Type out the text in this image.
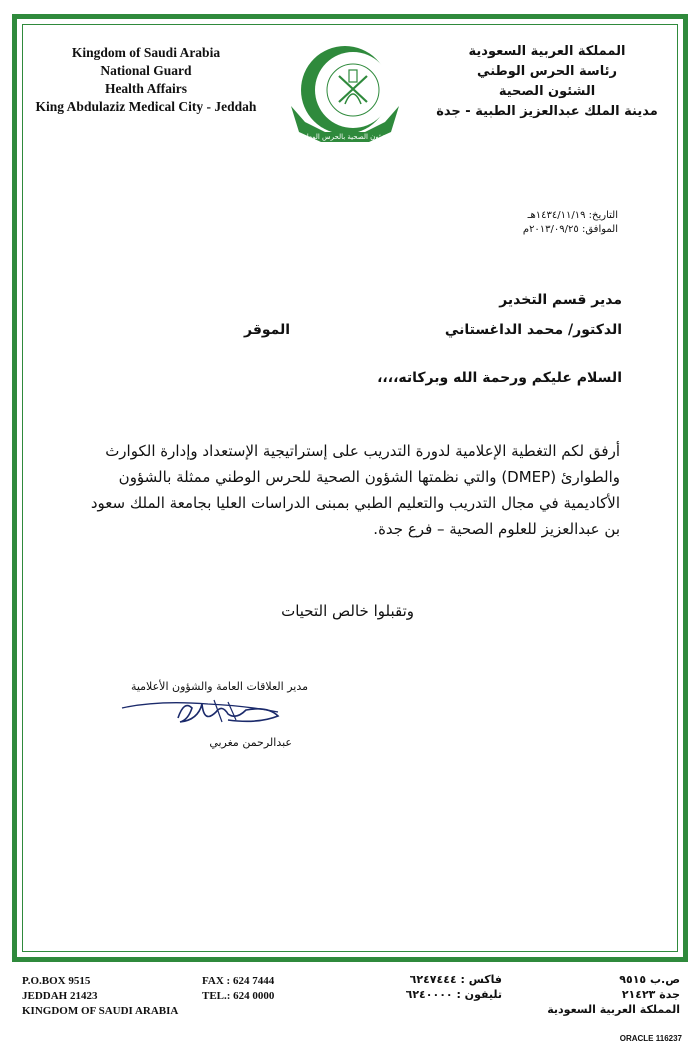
Kingdom of Saudi Arabia
National Guard
Health Affairs
King Abdulaziz Medical City - Jeddah
الشئون الصحية بالحرس الوطني
المملكة العربية السعودية
رئاسة الحرس الوطني
الشئون الصحية
مدينة الملك عبدالعزيز الطبية - جدة
التاريخ: ١٤٣٤/١١/١٩هـ
الموافق: ٢٠١٣/٠٩/٢٥م
مدير قسم التخدير
الدكتور/ محمد الداغستاني
الموقر
السلام عليكم ورحمة الله وبركاته،،،،
أرفق لكم التغطية الإعلامية لدورة التدريب على إستراتيجية الإستعداد وإدارة الكوارث
والطوارئ (DMEP) والتي نظمتها الشؤون الصحية للحرس الوطني ممثلة بالشؤون
الأكاديمية في مجال التدريب والتعليم الطبي بمبنى الدراسات العليا بجامعة الملك سعود
بن عبدالعزيز للعلوم الصحية – فرع جدة.
وتقبلوا خالص التحيات
مدير العلاقات العامة والشؤون الأعلامية
عبدالرحمن مغربي
P.O.BOX 9515
JEDDAH 21423
KINGDOM OF SAUDI ARABIA
FAX : 624 7444
TEL.: 624 0000
فاكس : ٦٢٤٧٤٤٤
تليفون : ٦٢٤٠٠٠٠
ص.ب ٩٥١٥
جدة ٢١٤٢٣
المملكة العربية السعودية
ORACLE 116237
